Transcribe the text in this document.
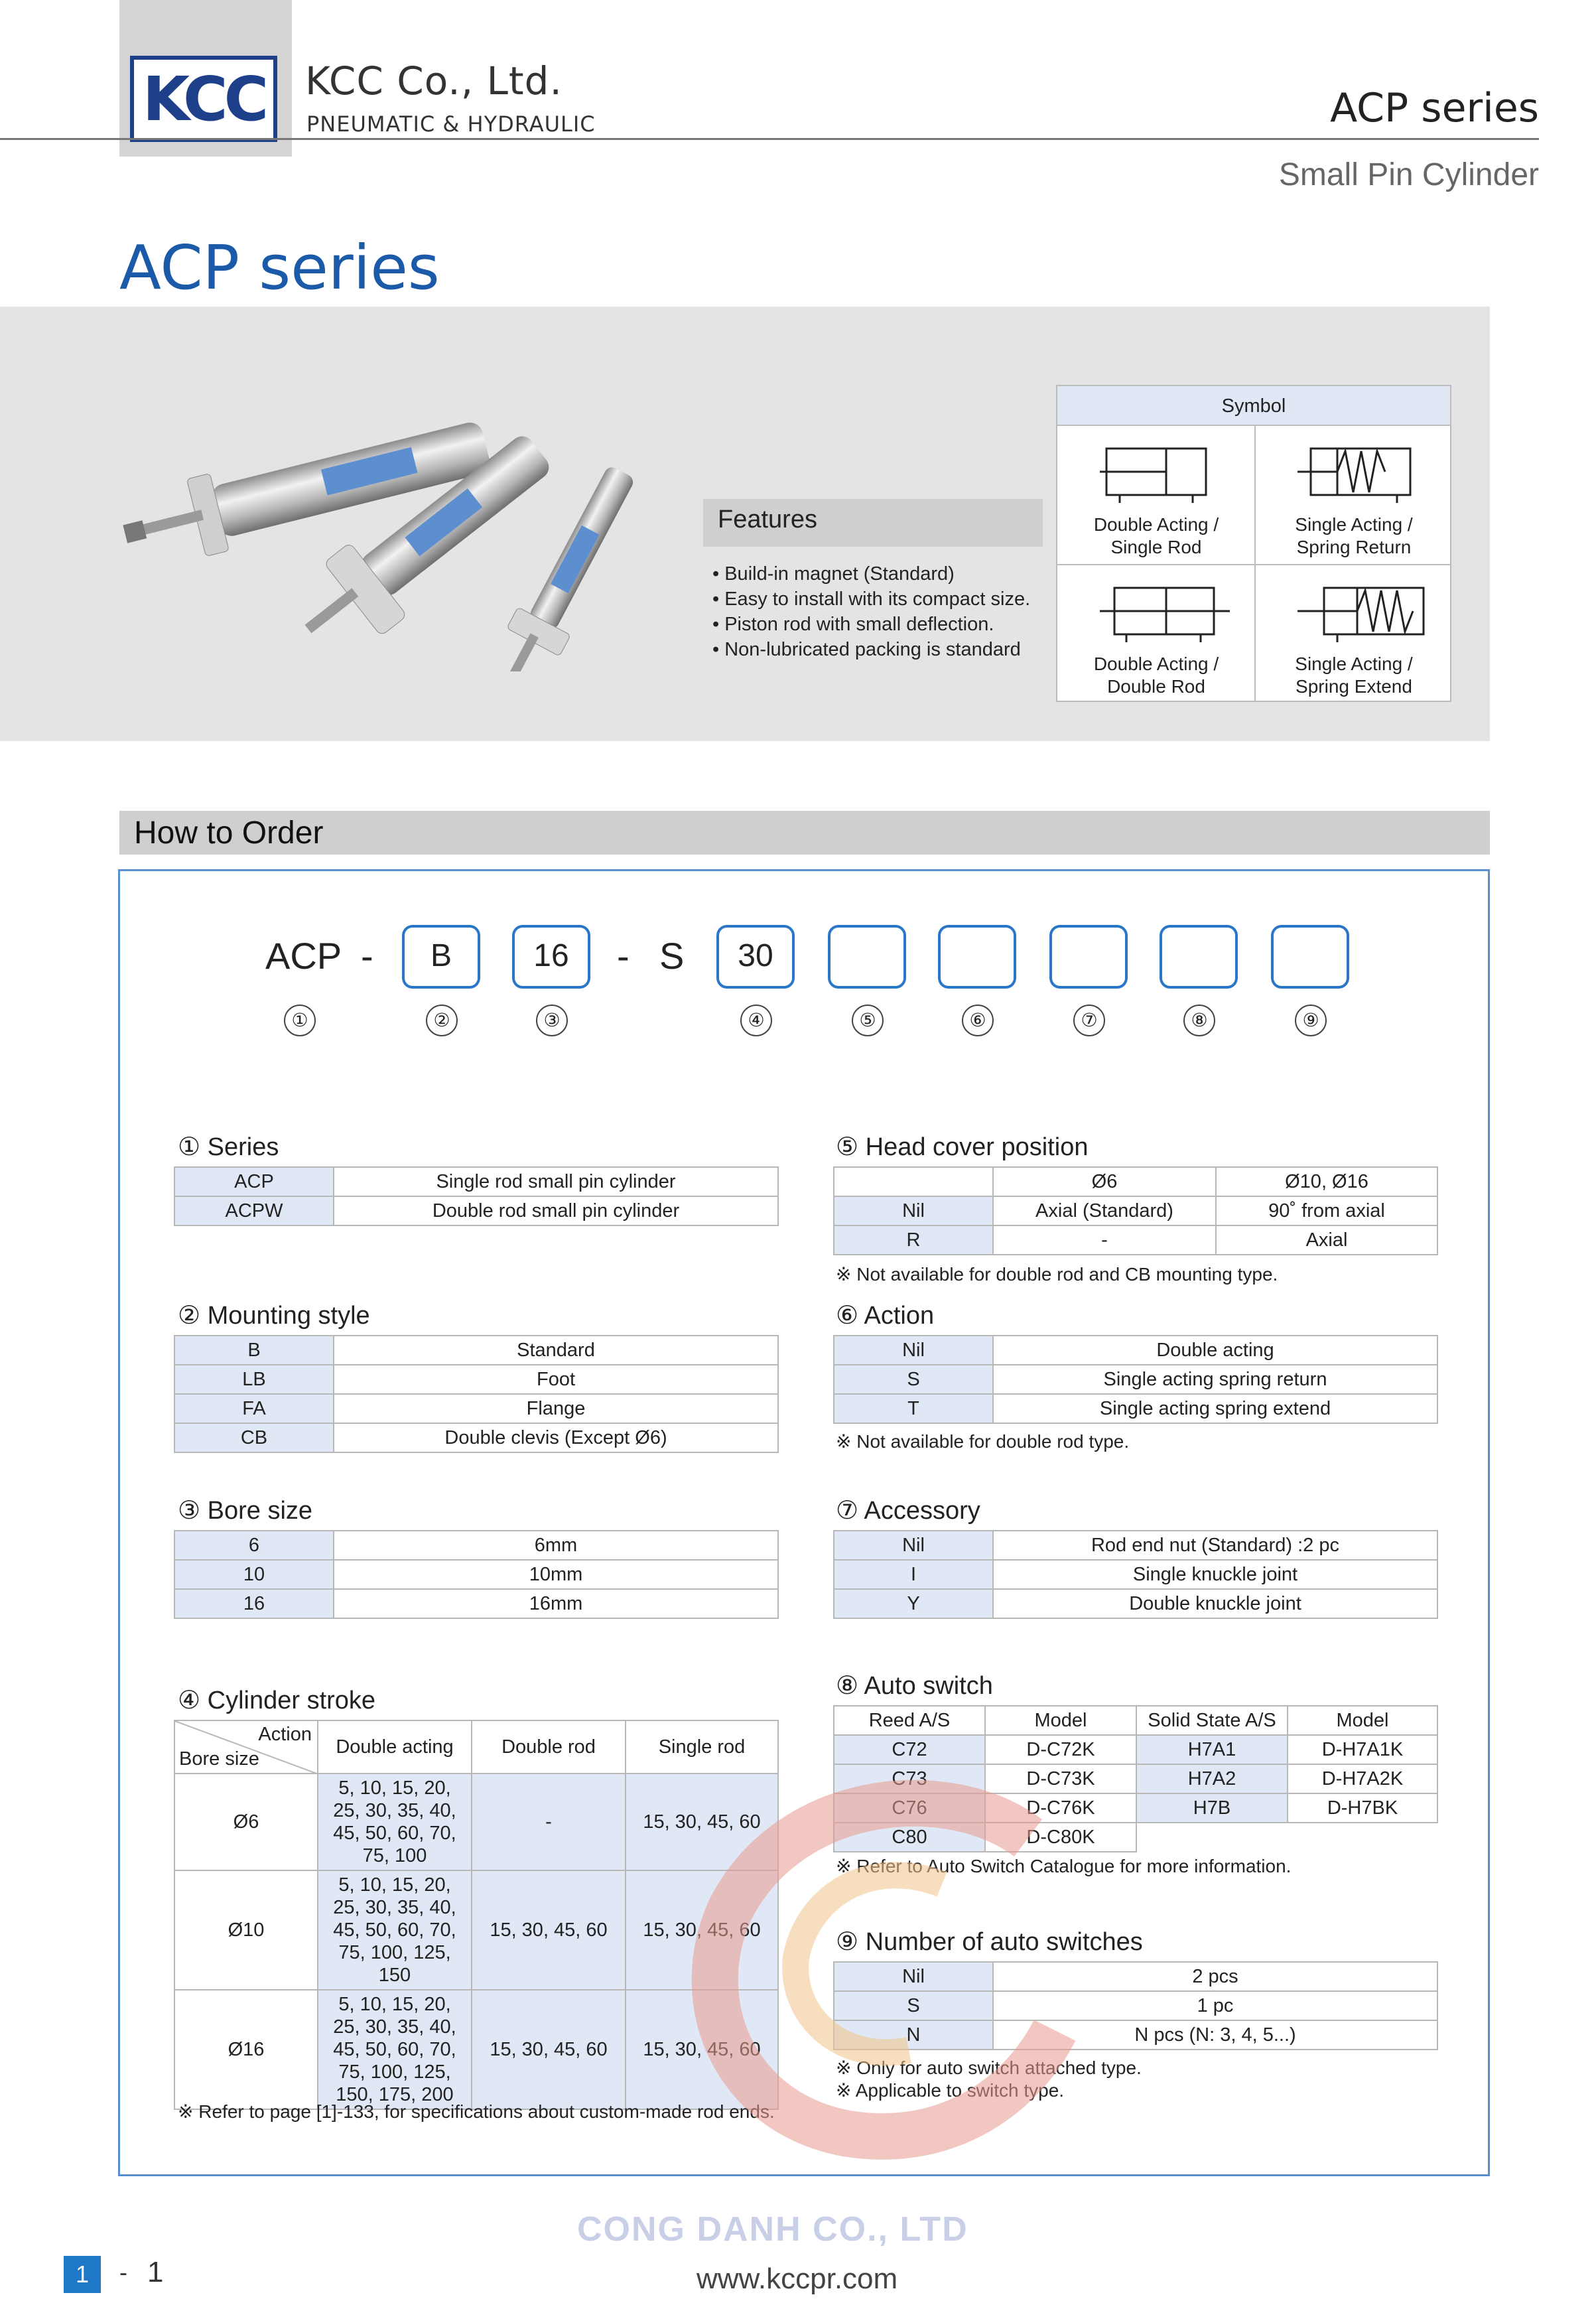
KCC KCC Co., Ltd.
PNEUMATIC & HYDRAULIC	ACP series
Small Pin Cylinder
ACP series
Features
• Build-in magnet (Standard)
• Easy to install with its compact size.
• Piston rod with small deflection.
• Non-lubricated packing is standard
Symbol
Double Acting /
Single Rod
Single Acting /
Spring Return
Double Acting /
Double Rod
Single Acting /
Spring Extend
How to Order
ACP -	B	16	- S	30
①	②	③	④	⑤	⑥	⑦	⑧	⑨
① Series
ACP	Single rod small pin cylinder
ACPW	Double rod small pin cylinder
② Mounting style
B	Standard
LB	Foot
FA	Flange
CB	Double clevis (Except Ø6)
③ Bore size
6	6mm
10	10mm
16	16mm
④ Cylinder stroke
Action
Bore size	Double acting	Double rod	Single rod
Ø6	5, 10, 15, 20, 25, 30, 35, 40, 45, 50, 60, 70, 75, 100	-	15, 30, 45, 60
Ø10	5, 10, 15, 20, 25, 30, 35, 40, 45, 50, 60, 70, 75, 100, 125, 150	15, 30, 45, 60	15, 30, 45, 60
Ø16	5, 10, 15, 20, 25, 30, 35, 40, 45, 50, 60, 70, 75, 100, 125, 150, 175, 200	15, 30, 45, 60	15, 30, 45, 60
※ Refer to page [1]-133, for specifications about custom-made rod ends.
⑤ Head cover position
	Ø6	Ø10, Ø16
Nil	Axial (Standard)	90˚ from axial
R	-	Axial
※ Not available for double rod and CB mounting type.
⑥ Action
Nil	Double acting
S	Single acting spring return
T	Single acting spring extend
※ Not available for double rod type.
⑦ Accessory
Nil	Rod end nut (Standard) :2 pc
I	Single knuckle joint
Y	Double knuckle joint
⑧ Auto switch
Reed A/S	Model	Solid State A/S	Model
C72	D-C72K	H7A1	D-H7A1K
C73	D-C73K	H7A2	D-H7A2K
C76	D-C76K	H7B	D-H7BK
C80	D-C80K		
※ Refer to Auto Switch Catalogue for more information.
⑨ Number of auto switches
Nil	2 pcs
S	1 pc
N	N pcs (N: 3, 4, 5...)
※ Only for auto switch attached type.
※ Applicable to switch type.
CONG DANH CO., LTD
1	- 1	www.kccpr.com
